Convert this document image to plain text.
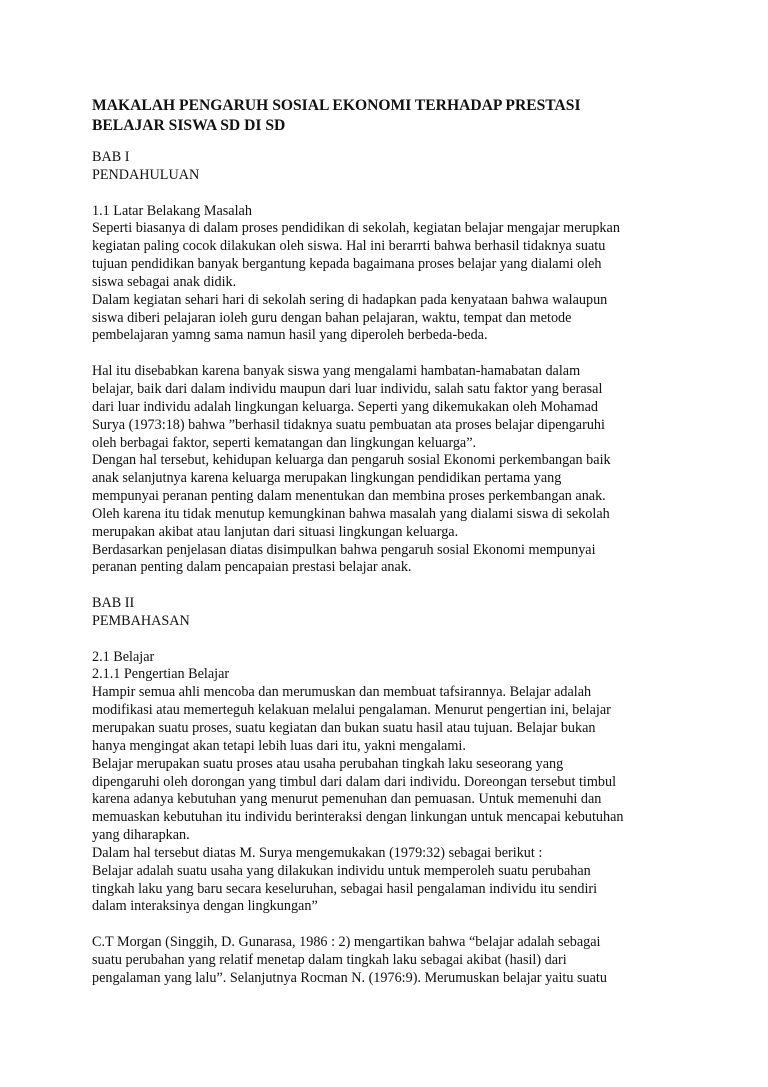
MAKALAH PENGARUH SOSIAL EKONOMI TERHADAP PRESTASI
BELAJAR SISWA SD DI SD
BAB I
PENDAHULUAN
1.1 Latar Belakang Masalah
Seperti biasanya di dalam proses pendidikan di sekolah, kegiatan belajar mengajar merupkan
kegiatan paling cocok dilakukan oleh siswa. Hal ini berarrti bahwa berhasil tidaknya suatu
tujuan pendidikan banyak bergantung kepada bagaimana proses belajar yang dialami oleh
siswa sebagai anak didik.
Dalam kegiatan sehari hari di sekolah sering di hadapkan pada kenyataan bahwa walaupun
siswa diberi pelajaran ioleh guru dengan bahan pelajaran, waktu, tempat dan metode
pembelajaran yamng sama namun hasil yang diperoleh berbeda-beda.
Hal itu disebabkan karena banyak siswa yang mengalami hambatan-hamabatan dalam
belajar, baik dari dalam individu maupun dari luar individu, salah satu faktor yang berasal
dari luar individu adalah lingkungan keluarga. Seperti yang dikemukakan oleh Mohamad
Surya (1973:18) bahwa ”berhasil tidaknya suatu pembuatan ata proses belajar dipengaruhi
oleh berbagai faktor, seperti kematangan dan lingkungan keluarga”.
Dengan hal tersebut, kehidupan keluarga dan pengaruh sosial Ekonomi perkembangan baik
anak selanjutnya karena keluarga merupakan lingkungan pendidikan pertama yang
mempunyai peranan penting dalam menentukan dan membina proses perkembangan anak.
Oleh karena itu tidak menutup kemungkinan bahwa masalah yang dialami siswa di sekolah
merupakan akibat atau lanjutan dari situasi lingkungan keluarga.
Berdasarkan penjelasan diatas disimpulkan bahwa pengaruh sosial Ekonomi mempunyai
peranan penting dalam pencapaian prestasi belajar anak.
BAB II
PEMBAHASAN
2.1 Belajar
2.1.1 Pengertian Belajar
Hampir semua ahli mencoba dan merumuskan dan membuat tafsirannya. Belajar adalah
modifikasi atau memerteguh kelakuan melalui pengalaman. Menurut pengertian ini, belajar
merupakan suatu proses, suatu kegiatan dan bukan suatu hasil atau tujuan. Belajar bukan
hanya mengingat akan tetapi lebih luas dari itu, yakni mengalami.
Belajar merupakan suatu proses atau usaha perubahan tingkah laku seseorang yang
dipengaruhi oleh dorongan yang timbul dari dalam dari individu. Doreongan tersebut timbul
karena adanya kebutuhan yang menurut pemenuhan dan pemuasan. Untuk memenuhi dan
memuaskan kebutuhan itu individu berinteraksi dengan linkungan untuk mencapai kebutuhan
yang diharapkan.
Dalam hal tersebut diatas M. Surya mengemukakan (1979:32) sebagai berikut :
Belajar adalah suatu usaha yang dilakukan individu untuk memperoleh suatu perubahan
tingkah laku yang baru secara keseluruhan, sebagai hasil pengalaman individu itu sendiri
dalam interaksinya dengan lingkungan”
C.T Morgan (Singgih, D. Gunarasa, 1986 : 2) mengartikan bahwa “belajar adalah sebagai
suatu perubahan yang relatif menetap dalam tingkah laku sebagai akibat (hasil) dari
pengalaman yang lalu”. Selanjutnya Rocman N. (1976:9). Merumuskan belajar yaitu suatu
